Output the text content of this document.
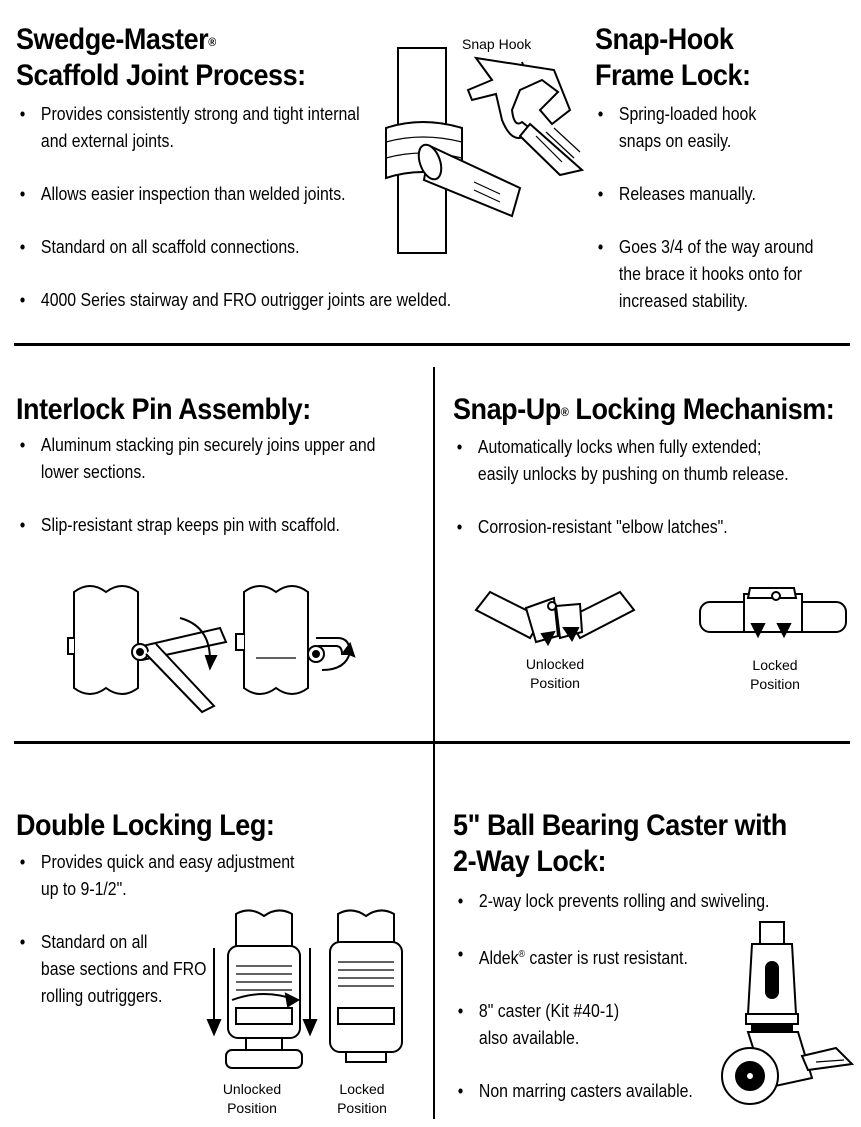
Swedge-Master®
Scaffold Joint Process:
• Provides consistently strong and tight internal
and external joints.
• Allows easier inspection than welded joints.
• Standard on all scaffold connections.
• 4000 Series stairway and FRO outrigger joints are welded.
Snap Hook Snap-Hook
Frame Lock:
• Spring-loaded hook
snaps on easily.
• Releases manually.
• Goes 3/4 of the way around
the brace it hooks onto for
increased stability.
Interlock Pin Assembly:
• Aluminum stacking pin securely joins upper and
lower sections.
• Slip-resistant strap keeps pin with scaffold.
Snap-Up® Locking Mechanism:
• Automatically locks when fully extended;
easily unlocks by pushing on thumb release.
• Corrosion-resistant "elbow latches".
Unlocked
Position
Locked
Position
Double Locking Leg:
• Provides quick and easy adjustment
up to 9-1/2".
• Standard on all
base sections and FRO
rolling outriggers.
Unlocked
Position
Locked
Position
5" Ball Bearing Caster with
2-Way Lock:
• 2-way lock prevents rolling and swiveling.
• Aldek® caster is rust resistant.
• 8" caster (Kit #40-1)
also available.
• Non marring casters available.
